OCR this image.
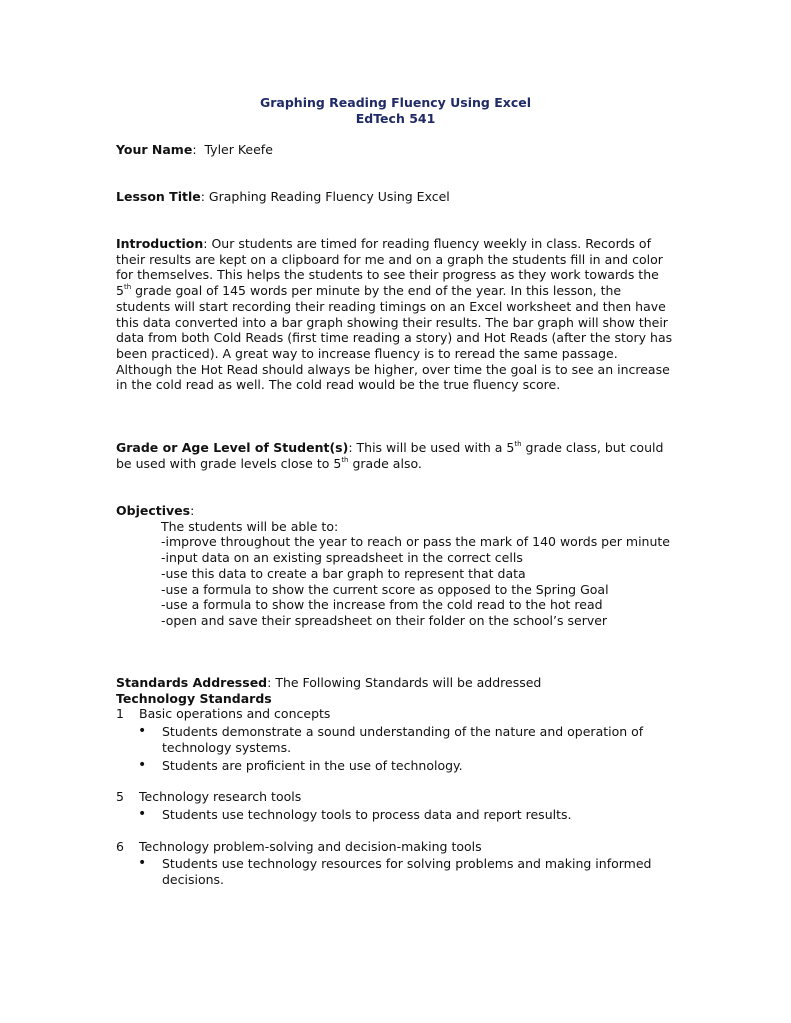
Graphing Reading Fluency Using Excel
EdTech 541
Your Name:  Tyler Keefe
Lesson Title: Graphing Reading Fluency Using Excel

Introduction: Our students are timed for reading fluency weekly in class. Records of their results are kept on a clipboard for me and on a graph the students fill in and color for themselves. This helps the students to see their progress as they work towards the 5th grade goal of 145 words per minute by the end of the year. In this lesson, the students will start recording their reading timings on an Excel worksheet and then have this data converted into a bar graph showing their results. The bar graph will show their data from both Cold Reads (first time reading a story) and Hot Reads (after the story has been practiced). A great way to increase fluency is to reread the same passage. Although the Hot Read should always be higher, over time the goal is to see an increase in the cold read as well. The cold read would be the true fluency score.

Grade or Age Level of Student(s): This will be used with a 5th grade class, but could be used with grade levels close to 5th grade also.

Objectives:
The students will be able to:
-improve throughout the year to reach or pass the mark of 140 words per minute
-input data on an existing spreadsheet in the correct cells
-use this data to create a bar graph to represent that data
-use a formula to show the current score as opposed to the Spring Goal
-use a formula to show the increase from the cold read to the hot read
-open and save their spreadsheet on their folder on the school’s server
Standards Addressed: The Following Standards will be addressed
Technology Standards
1	Basic operations and concepts
•	Students demonstrate a sound understanding of the nature and operation of technology systems.
•	Students are proficient in the use of technology.
5	Technology research tools
•	Students use technology tools to process data and report results.
6	Technology problem-solving and decision-making tools
•	Students use technology resources for solving problems and making informed decisions.
